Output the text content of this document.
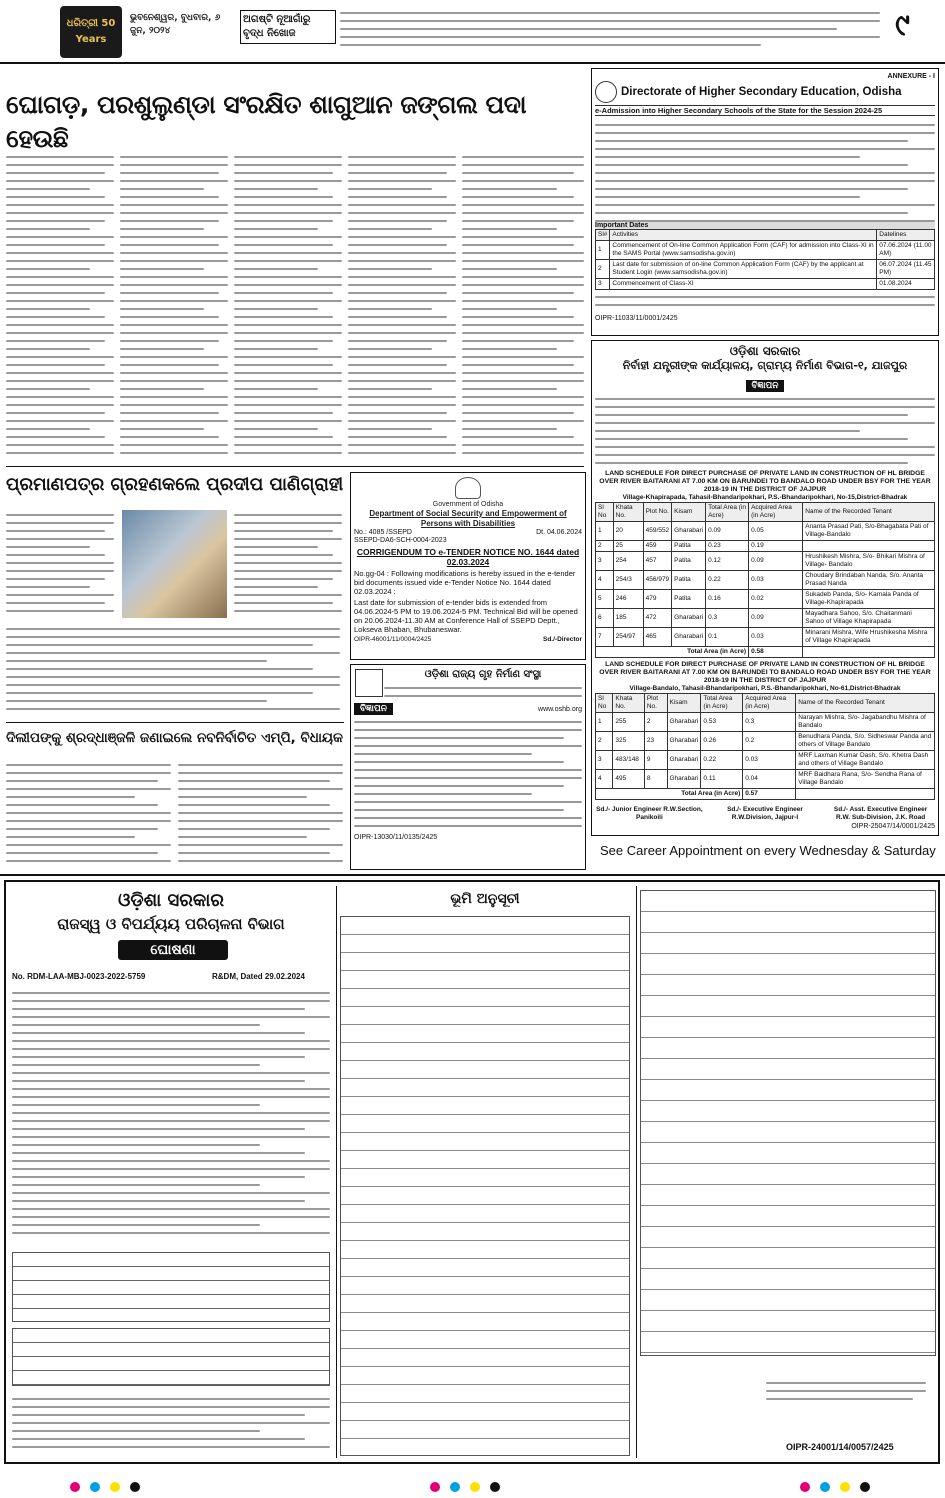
ଧରିତ୍ରୀ 50 Years
ଭୁବନେଶ୍ୱର, ବୁଧବାର, ୬ ଜୁନ, ୨୦୨୪
ଅଗଷ୍ଟି ନୂଆଗାଁରୁ ବୃଦ୍ଧ ନିଖୋଜ	୯
ଘୋଗଡ଼, ପରଶୁଲୁଣ୍ଡା ସଂରକ୍ଷିତ ଶାଗୁଆନ ଜଙ୍ଗଲ ପଦା ହେଉଛି
ପ୍ରମାଣପତ୍ର ଗ୍ରହଣକଲେ ପ୍ରଦୀପ ପାଣିଗ୍ରାହୀ
ଦିଲୀପଙ୍କୁ ଶ୍ରଦ୍ଧାଞ୍ଜଳି ଜଣାଇଲେ ନବନିର୍ବାଚିତ ଏମ୍‌ପି, ବିଧାୟକ
Government of Odisha
Department of Social Security and Empowerment of Persons with Disabilities
No.: 4085 /SSEPD	Dt. 04.06.2024
SSEPD-DA6-SCH-0004-2023
CORRIGENDUM TO e-TENDER NOTICE NO. 1644 dated 02.03.2024
No.gg-04 : Following modifications is hereby issued in the e-tender bid documents issued vide e-Tender Notice No. 1644 dated 02.03.2024 :
Last date for submission of e-tender bids is extended from 04.06.2024-5 PM to 19.06.2024-5 PM. Technical Bid will be opened on 20.06.2024-11.30 AM at Conference Hall of SSEPD Deptt., Lokseva Bhaban, Bhubaneswar.
OIPR-46001/11/0004/2425	Sd./-Director
ଓଡ଼ିଶା ରାଜ୍ୟ ଗୃହ ନିର୍ମାଣ ସଂସ୍ଥା
ବିଜ୍ଞାପନ	www.oshb.org
OIPR-13030/11/0135/2425
ANNEXURE - I
Directorate of Higher Secondary Education, Odisha
e-Admission into Higher Secondary Schools of the State for the Session 2024-25
Important Dates
Sl#	Activities	Datelines
1	Commencement of On-line Common Application Form (CAF) for admission into Class-XI in the SAMS Portal (www.samsodisha.gov.in)	07.06.2024 (11.00 AM)
2	Last date for submission of on-line Common Application Form (CAF) by the applicant at Student Login (www.samsodisha.gov.in)	06.07.2024 (11.45 PM)
3	Commencement of Class-XI	01.08.2024
OIPR-11033/11/0001/2425
ଓଡ଼ିଶା ସରକାର
ନିର୍ବାହୀ ଯନ୍ତ୍ରୀଙ୍କ କାର୍ଯ୍ୟାଳୟ, ଗ୍ରାମ୍ୟ ନିର୍ମାଣ ବିଭାଗ-୧, ଯାଜପୁର
ବିଜ୍ଞାପନ
LAND SCHEDULE FOR DIRECT PURCHASE OF PRIVATE LAND IN CONSTRUCTION OF HL BRIDGE OVER RIVER BAITARANI AT 7.00 KM ON BARUNDEI TO BANDALO ROAD UNDER BSY FOR THE YEAR 2018-19 IN THE DISTRICT OF JAJPUR
Village-Khapirapada, Tahasil-Bhandaripokhari, P.S.-Bhandaripokhari, No-15,District-Bhadrak
Sl No	Khata No.	Plot No.	Kisam	Total Area (in Acre)	Acquired Area (in Acre)	Name of the Recorded Tenant
1	20	459/552	Gharabari	0.09	0.05	Ananta Prasad Pati, S/o-Bhagabata Pati of Village-Bandalo
2	25	459	Patita	0.23	0.19	
3	254	457	Patita	0.12	0.09	Hrushikesh Mishra, S/o- Bhikari Mishra of Village- Bandalo
4	254/3	456/979	Patita	0.22	0.03	Choudary Brindaban Nanda, S/o. Ananta Prasad Nanda
5	246	479	Patita	0.16	0.02	Sukadeb Panda, S/o- Kamala Panda of Village-Khapirapada
6	185	472	Gharabari	0.3	0.09	Mayadhara Sahoo, S/o. Chaitanmani Sahoo of Village Khapirapada
7	254/97	465	Gharabari	0.1	0.03	Minarani Mishra, Wife Hrushikesha Mishra of Village Khapirapada
Total Area (in Acre)					0.58	
LAND SCHEDULE FOR DIRECT PURCHASE OF PRIVATE LAND IN CONSTRUCTION OF HL BRIDGE OVER RIVER BAITARANI AT 7.00 KM ON BARUNDEI TO BANDALO ROAD UNDER BSY FOR THE YEAR 2018-19 IN THE DISTRICT OF JAJPUR
Village-Bandalo, Tahasil-Bhandaripokhari, P.S.-Bhandaripokhari, No-61,District-Bhadrak
Sl No	Khata No.	Plot No.	Kisam	Total Area (in Acre)	Acquired Area (in Acre)	Name of the Recorded Tenant
1	255	2	Gharabari	0.53	0.3	Narayan Mishra, S/o- Jagabandhu Mishra of Bandalo
2	325	23	Gharabari	0.26	0.2	Benudhara Panda, S/o. Sidheswar Panda and others of Village Bandalo
3	483/148	9	Gharabari	0.22	0.03	MRF Laxman Kumar Dash, S/o. Khetra Dash and others of Village Bandalo
4	495	8	Gharabari	0.11	0.04	MRF Baidhara Rana, S/o- Sendha Rana of Village Bandalo
Total Area (in Acre)					0.57	
Sd./- Junior Engineer R.W.Section, Panikoili
Sd./- Executive Engineer R.W.Division, Jajpur-I
Sd./- Asst. Executive Engineer R.W. Sub-Division, J.K. Road
OIPR-25047/14/0001/2425
See Career Appointment on every Wednesday & Saturday
ଓଡ଼ିଶା ସରକାର
ରାଜସ୍ୱ ଓ ବିପର୍ଯ୍ୟୟ ପରିଚାଳନା ବିଭାଗ
ଘୋଷଣା
No. RDM-LAA-MBJ-0023-2022-5759	R&DM, Dated 29.02.2024
ଭୂମି ଅନୁସୂଚୀ
OIPR-24001/14/0057/2425
